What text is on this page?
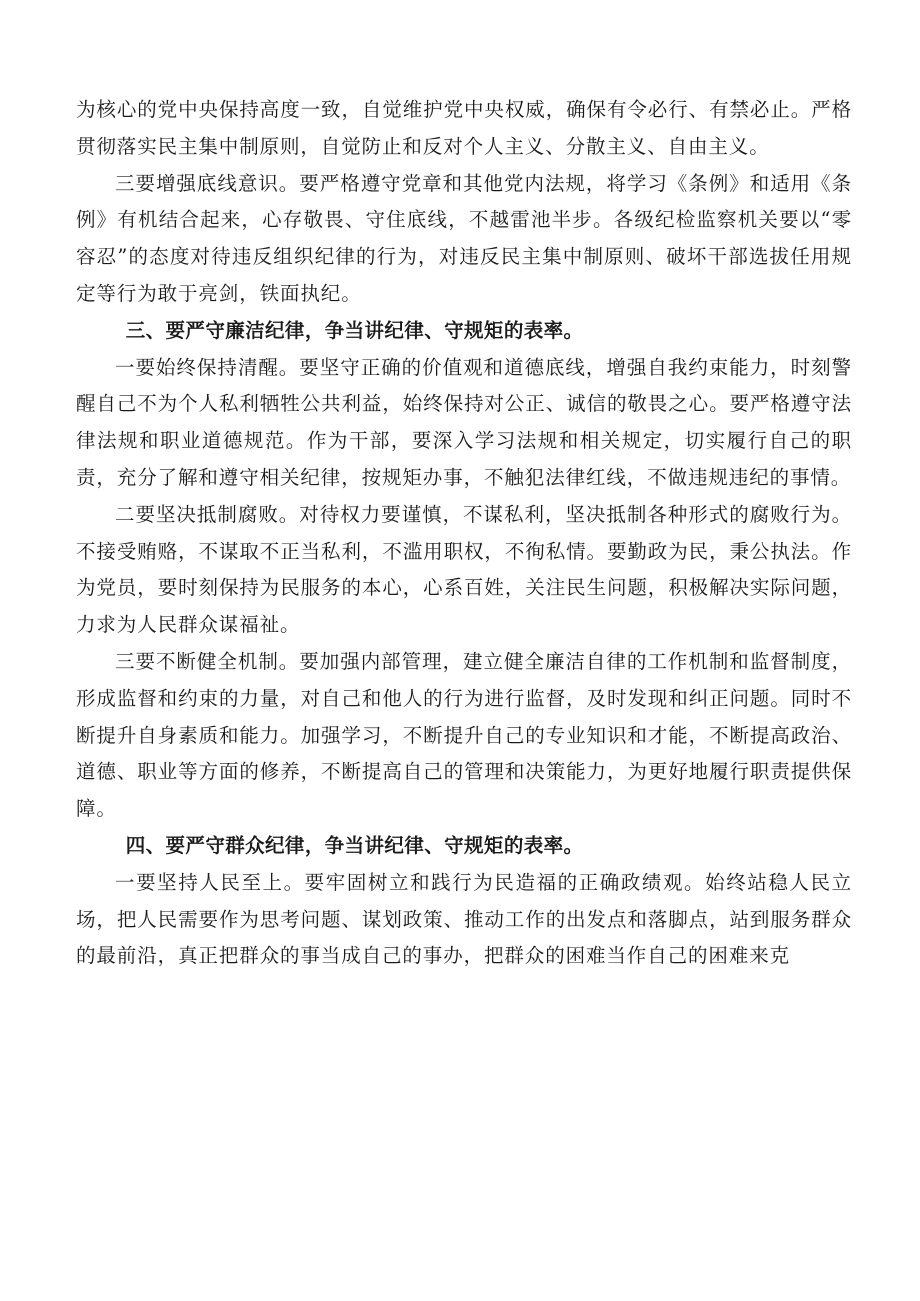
为核心的党中央保持高度一致，自觉维护党中央权威，确保有令必行、有禁必止。严格贯彻落实民主集中制原则，自觉防止和反对个人主义、分散主义、自由主义。

三要增强底线意识。要严格遵守党章和其他党内法规，将学习《条例》和适用《条例》有机结合起来，心存敬畏、守住底线，不越雷池半步。各级纪检监察机关要以“零容忍”的态度对待违反组织纪律的行为，对违反民主集中制原则、破坏干部选拔任用规定等行为敢于亮剑，铁面执纪。

三、要严守廉洁纪律，争当讲纪律、守规矩的表率。

一要始终保持清醒。要坚守正确的价值观和道德底线，增强自我约束能力，时刻警醒自己不为个人私利牺牲公共利益，始终保持对公正、诚信的敬畏之心。要严格遵守法律法规和职业道德规范。作为干部，要深入学习法规和相关规定，切实履行自己的职责，充分了解和遵守相关纪律，按规矩办事，不触犯法律红线，不做违规违纪的事情。

二要坚决抵制腐败。对待权力要谨慎，不谋私利，坚决抵制各种形式的腐败行为。不接受贿赂，不谋取不正当私利，不滥用职权，不徇私情。要勤政为民，秉公执法。作为党员，要时刻保持为民服务的本心，心系百姓，关注民生问题，积极解决实际问题，力求为人民群众谋福祉。

三要不断健全机制。要加强内部管理，建立健全廉洁自律的工作机制和监督制度，形成监督和约束的力量，对自己和他人的行为进行监督，及时发现和纠正问题。同时不断提升自身素质和能力。加强学习，不断提升自己的专业知识和才能，不断提高政治、道德、职业等方面的修养，不断提高自己的管理和决策能力，为更好地履行职责提供保障。

四、要严守群众纪律，争当讲纪律、守规矩的表率。

一要坚持人民至上。要牢固树立和践行为民造福的正确政绩观。始终站稳人民立场，把人民需要作为思考问题、谋划政策、推动工作的出发点和落脚点，站到服务群众的最前沿，真正把群众的事当成自己的事办，把群众的困难当作自己的困难来克
